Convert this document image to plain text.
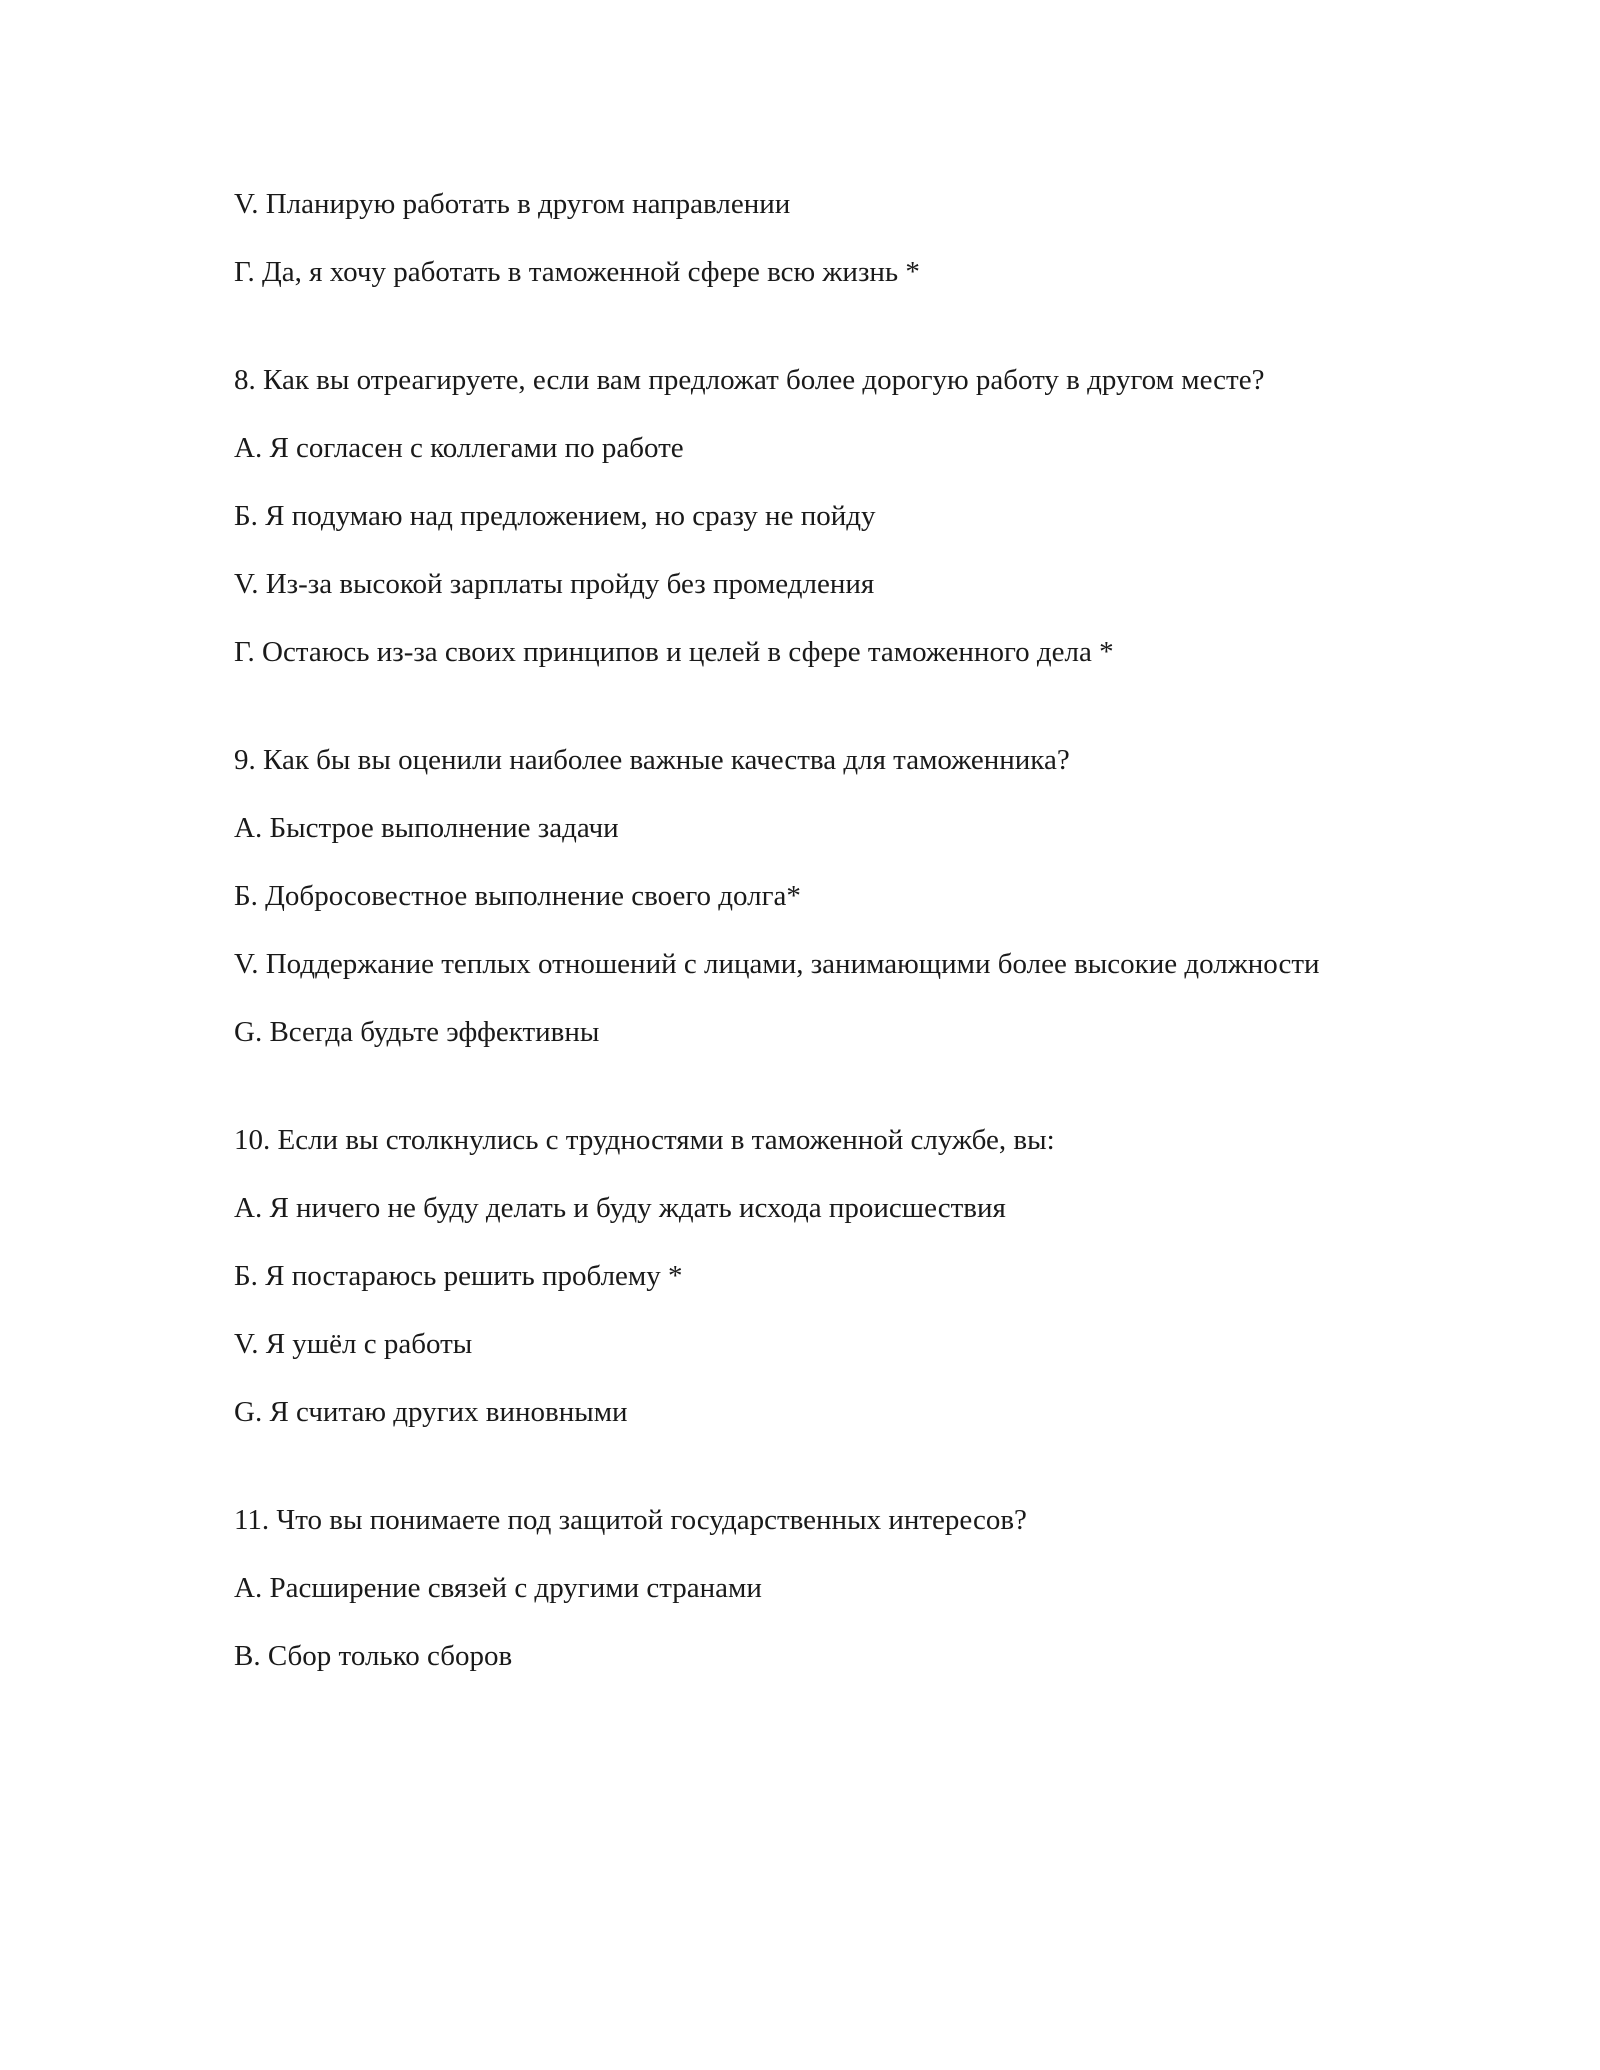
V. Планирую работать в другом направлении

Г. Да, я хочу работать в таможенной сфере всю жизнь *

8. Как вы отреагируете, если вам предложат более дорогую работу в другом месте?

А. Я согласен с коллегами по работе

Б. Я подумаю над предложением, но сразу не пойду

V. Из-за высокой зарплаты пройду без промедления

Г. Остаюсь из-за своих принципов и целей в сфере таможенного дела *

9. Как бы вы оценили наиболее важные качества для таможенника?

А. Быстрое выполнение задачи

Б. Добросовестное выполнение своего долга*

V. Поддержание теплых отношений с лицами, занимающими более высокие должности

G. Всегда будьте эффективны

10. Если вы столкнулись с трудностями в таможенной службе, вы:

А. Я ничего не буду делать и буду ждать исхода происшествия

Б. Я постараюсь решить проблему *

V. Я ушёл с работы

G. Я считаю других виновными

11. Что вы понимаете под защитой государственных интересов?

А. Расширение связей с другими странами

В. Сбор только сборов
